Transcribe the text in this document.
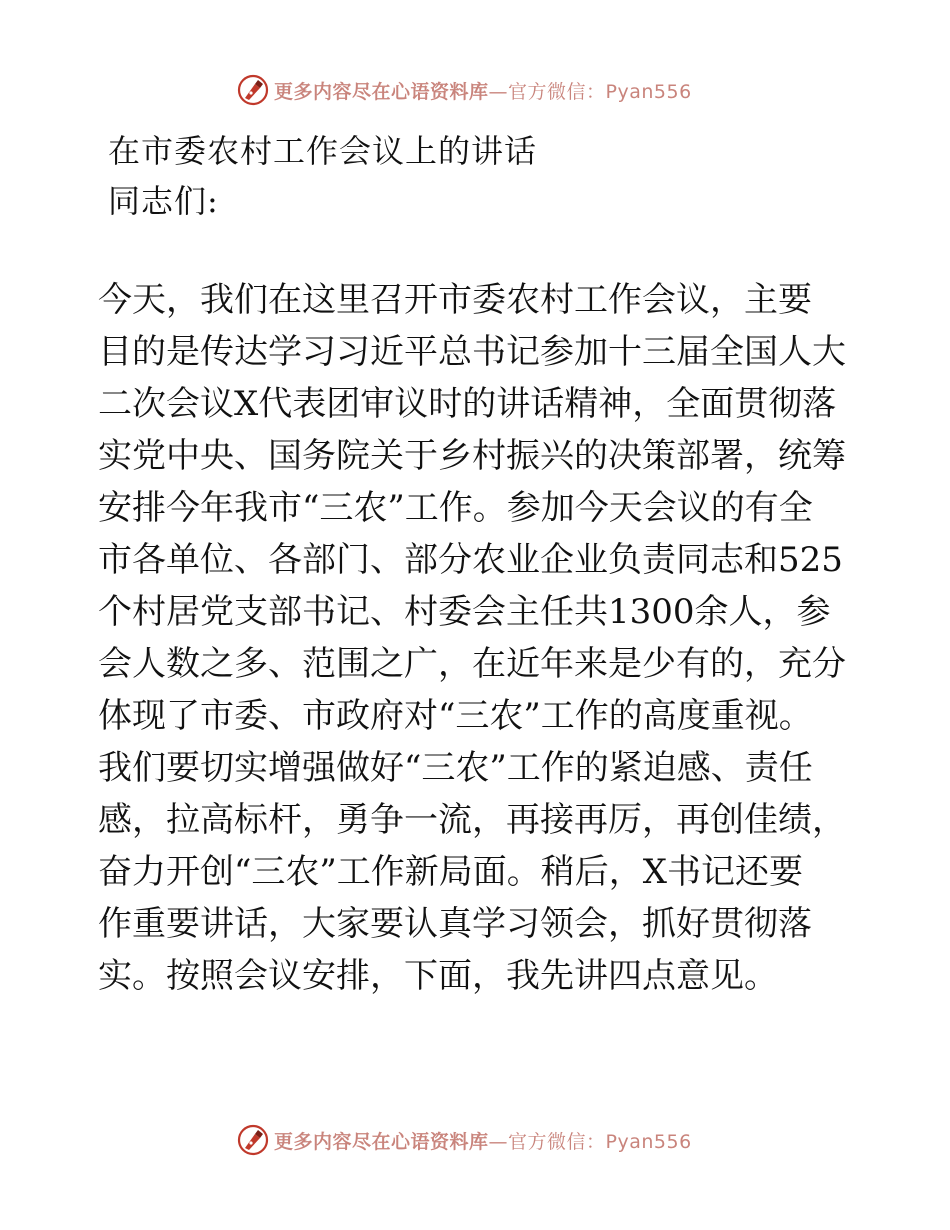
更多内容尽在心语资料库—官方微信：Pyan556
在市委农村工作会议上的讲话
同志们:
今天，我们在这里召开市委农村工作会议，主要
目的是传达学习习近平总书记参加十三届全国人大
二次会议X代表团审议时的讲话精神，全面贯彻落
实党中央、国务院关于乡村振兴的决策部署，统筹
安排今年我市“三农”工作。参加今天会议的有全
市各单位、各部门、部分农业企业负责同志和525
个村居党支部书记、村委会主任共1300余人，参
会人数之多、范围之广，在近年来是少有的，充分
体现了市委、市政府对“三农”工作的高度重视。
我们要切实增强做好“三农”工作的紧迫感、责任
感，拉高标杆，勇争一流，再接再厉，再创佳绩，
奋力开创“三农”工作新局面。稍后，X书记还要
作重要讲话，大家要认真学习领会，抓好贯彻落
实。按照会议安排，下面，我先讲四点意见。
更多内容尽在心语资料库—官方微信：Pyan556
